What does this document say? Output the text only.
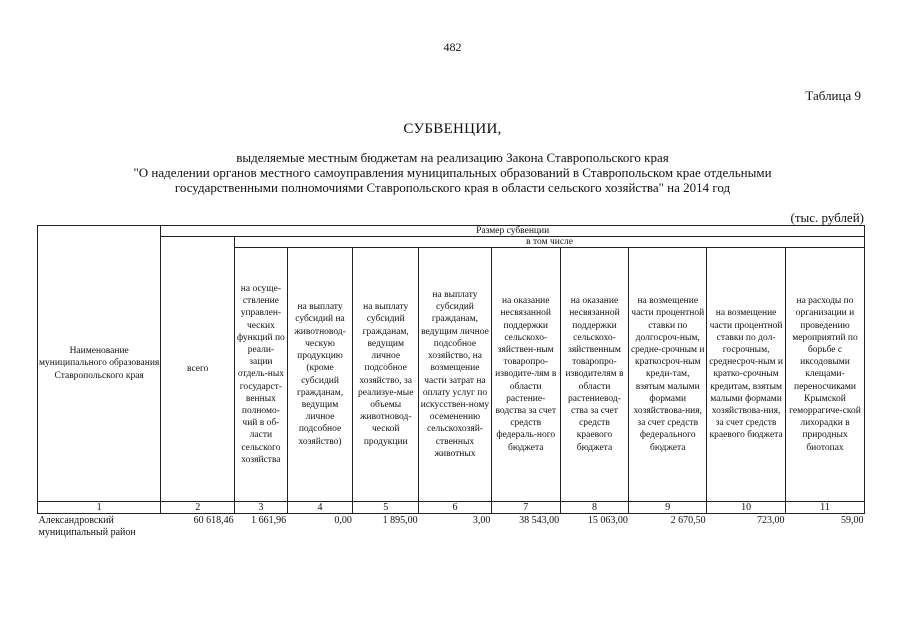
482
Таблица 9
СУБВЕНЦИИ,
выделяемые местным бюджетам на реализацию Закона Ставропольского края
"О наделении органов местного самоуправления муниципальных образований в Ставропольском крае отдельными
государственными полномочиями Ставропольского края в области сельского хозяйства" на 2014 год
(тыс. рублей)
Наименование муниципального образования Ставропольского края	Размер субвенции									
	всего	в том числе								
		на осуще-ствление управлен-ческих функций по реали-зации отдель-ных государст-венных полномо-чий в об-ласти сельского хозяйства	на выплату субсидий на животновод-ческую продукцию (кроме субсидий гражданам, ведущим личное подсобное хозяйство)	на выплату субсидий гражданам, ведущим личное подсобное хозяйство, за реализуе-мые объемы животновод-ческой продукции	на выплату субсидий гражданам, ведущим личное подсобное хозяйство, на возмещение части затрат на оплату услуг по искусствен-ному осеменению сельскохозяй-ственных животных	на оказание несвязанной поддержки сельскохо-зяйствен-ным товаропро-изводите-лям в области растение-водства за счет средств федераль-ного бюджета	на оказание несвязанной поддержки сельскохо-зяйственным товаропро-изводителям в области растениевод-ства за счет средств краевого бюджета	на возмещение части процентной ставки по долгосроч-ным, средне-срочным и краткосроч-ным креди-там, взятым малыми формами хозяйствова-ния, за счет средств федерального бюджета	на возмещение части процентной ставки по дол-госрочным, среднесроч-ным и кратко-срочным кредитам, взятым малыми формами хозяйствова-ния, за счет средств краевого бюджета	на расходы по организации и проведению мероприятий по борьбе с иксодовыми клещами-переносчиками Крымской геморрагиче-ской лихорадки в природных биотопах
1	2	3	4	5	6	7	8	9	10	11
Александровский муниципальный район	60 618,46	1 661,96	0,00	1 895,00	3,00	38 543,00	15 063,00	2 670,50	723,00	59,00
